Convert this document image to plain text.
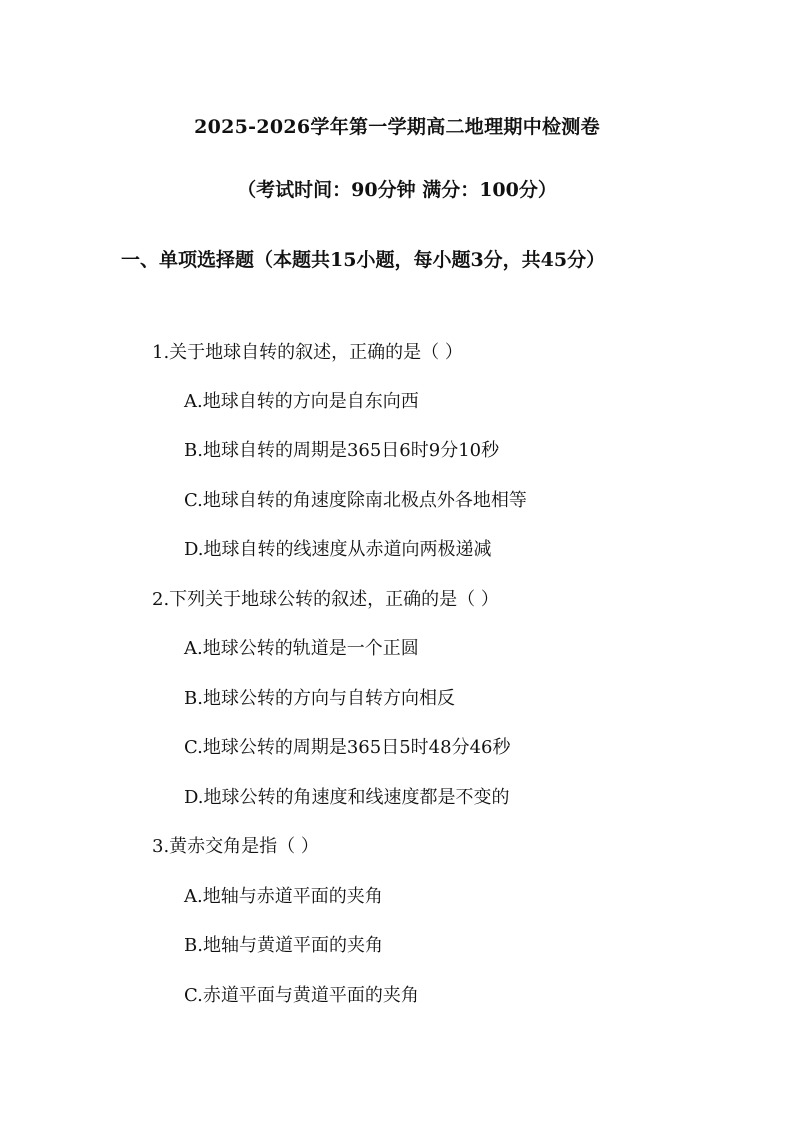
2025-2026学年第一学期高二地理期中检测卷
（考试时间：90分钟 满分：100分）
一、单项选择题（本题共15小题，每小题3分，共45分）
1.关于地球自转的叙述，正确的是（ ）
A.地球自转的方向是自东向西
B.地球自转的周期是365日6时9分10秒
C.地球自转的角速度除南北极点外各地相等
D.地球自转的线速度从赤道向两极递减
2.下列关于地球公转的叙述，正确的是（ ）
A.地球公转的轨道是一个正圆
B.地球公转的方向与自转方向相反
C.地球公转的周期是365日5时48分46秒
D.地球公转的角速度和线速度都是不变的
3.黄赤交角是指（ ）
A.地轴与赤道平面的夹角
B.地轴与黄道平面的夹角
C.赤道平面与黄道平面的夹角
